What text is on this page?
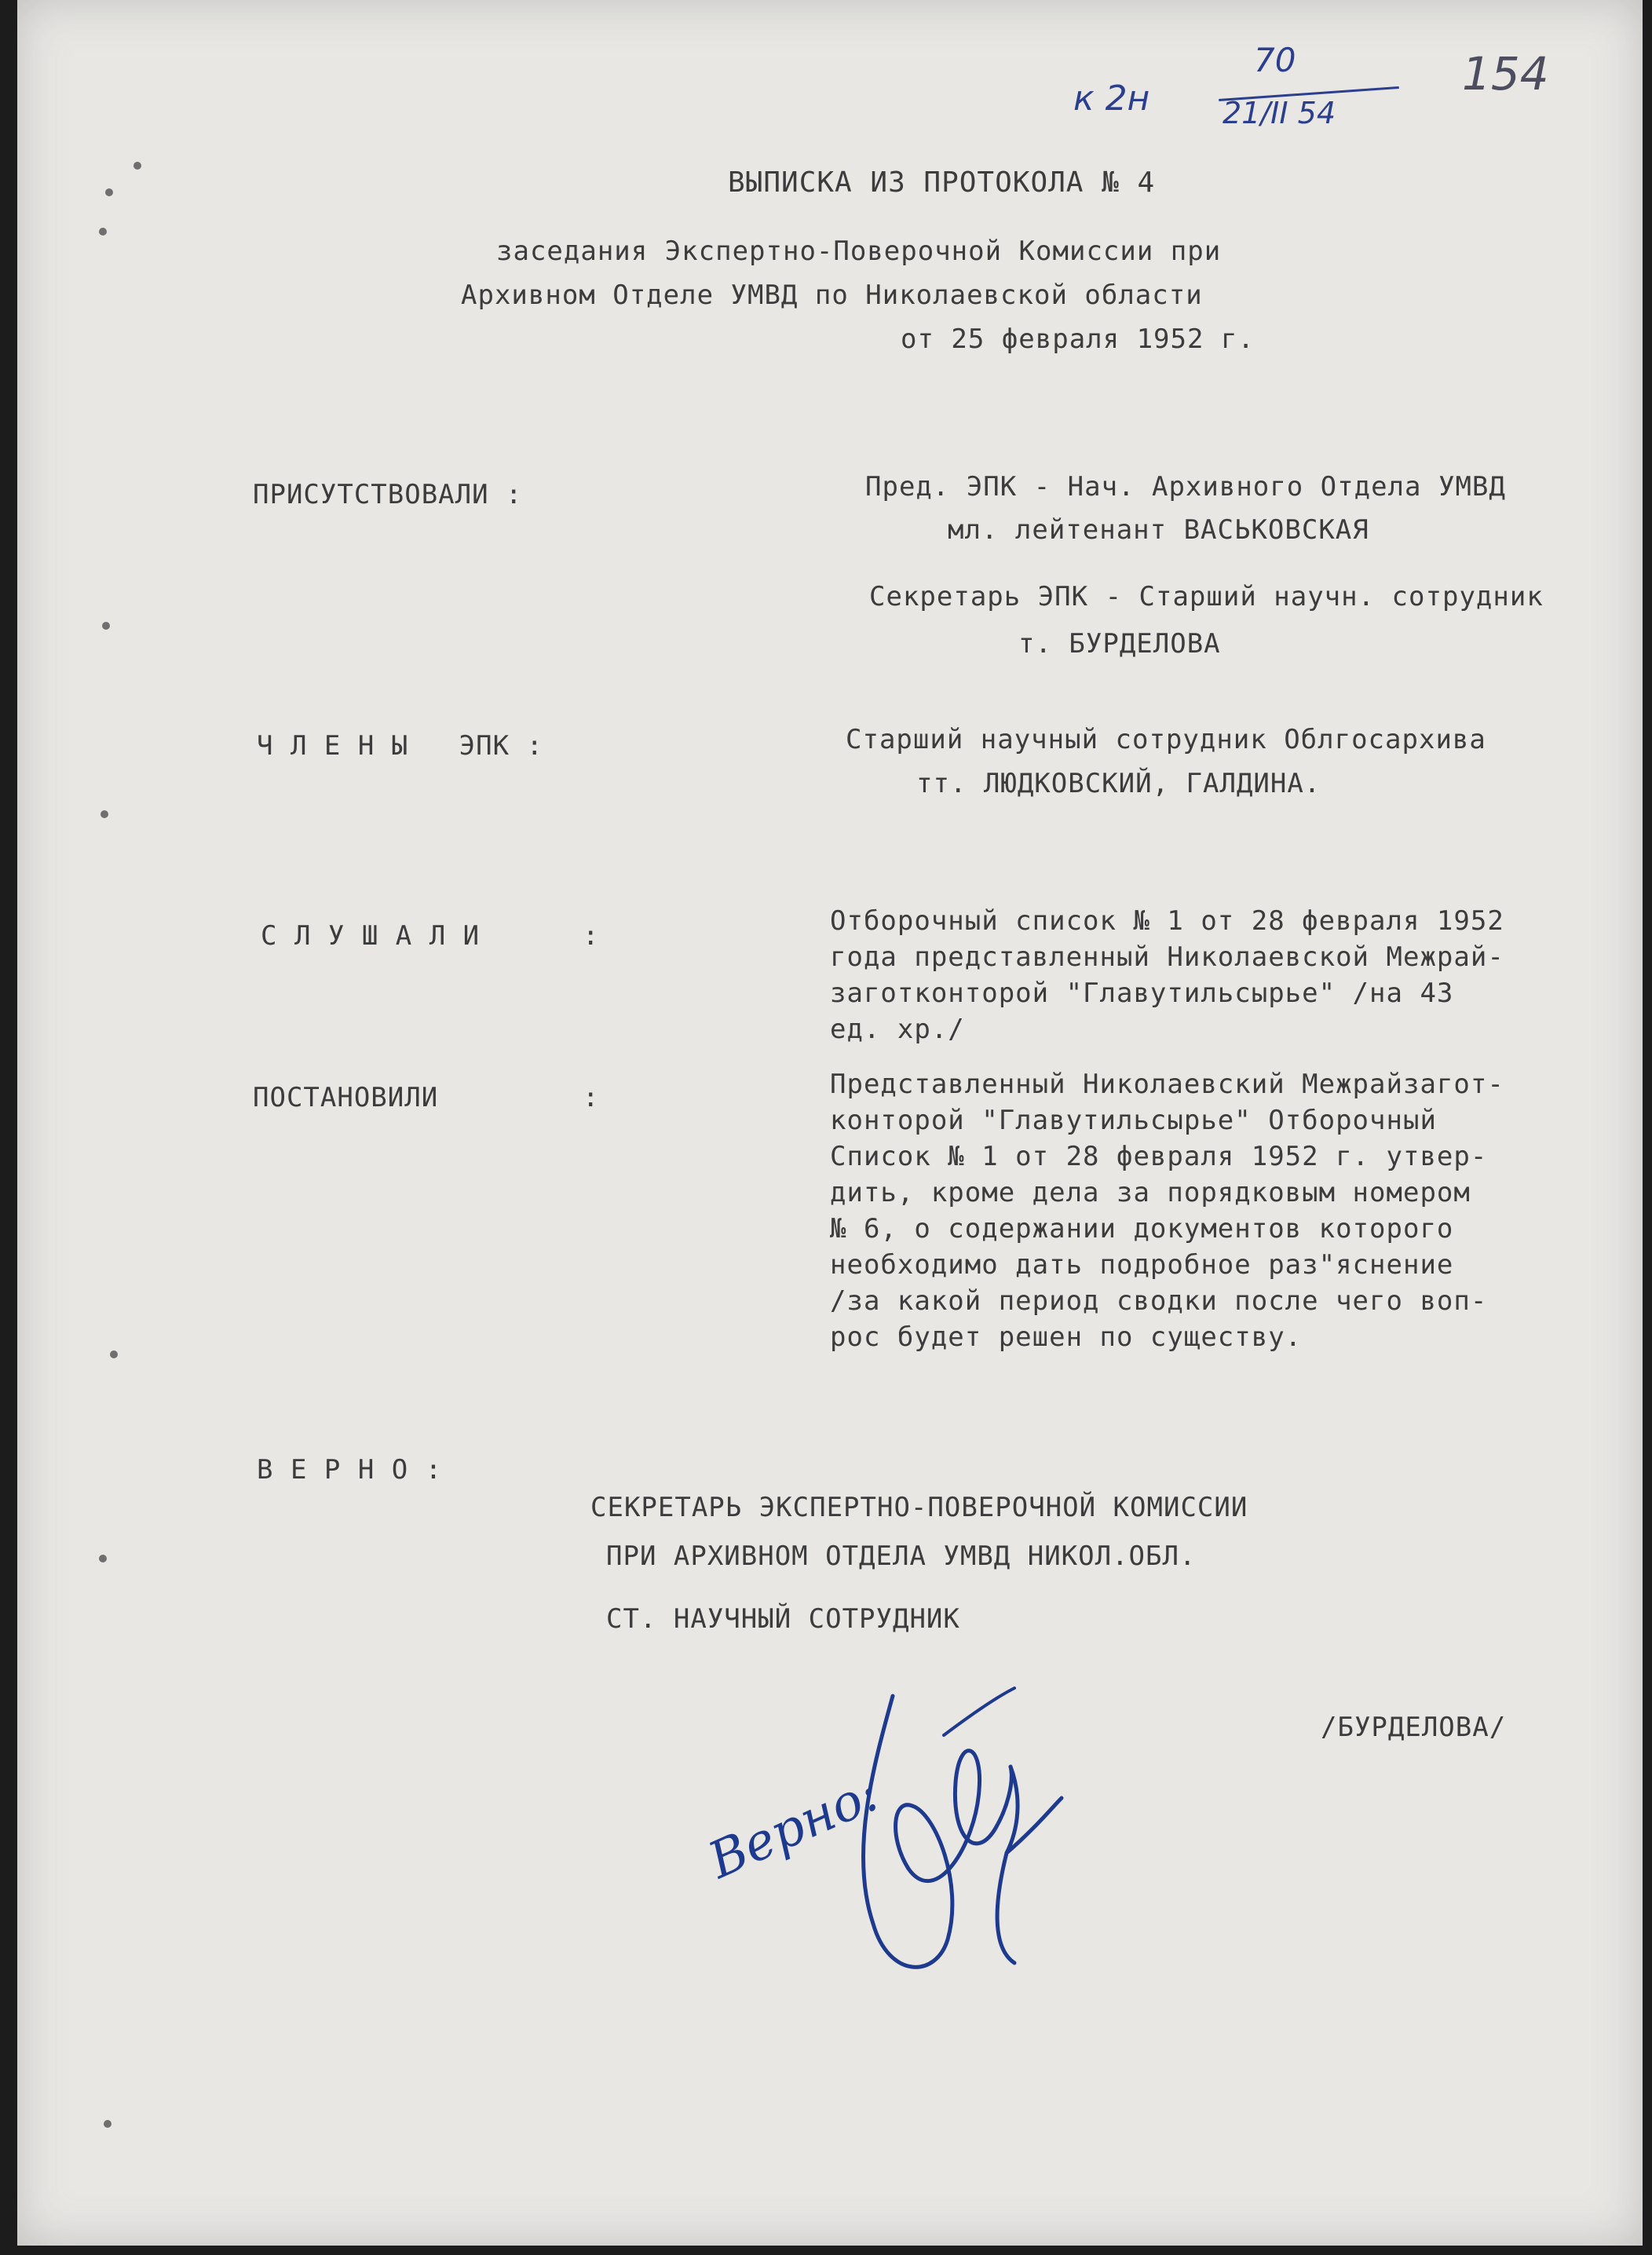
к 2н
70
21/II 54
154
ВЫПИСКА ИЗ ПРОТОКОЛА № 4
заседания Экспертно-Поверочной Комиссии при
Архивном Отделе УМВД по Николаевской области
от 25 февраля 1952 г.
ПРИСУТСТВОВАЛИ :	Пред. ЭПК - Нач. Архивного Отдела УМВД
мл. лейтенант ВАСЬКОВСКАЯ
Секретарь ЭПК - Старший научн. сотрудник
т. БУРДЕЛОВА
Ч Л Е Н Ы   ЭПК :	Старший научный сотрудник Облгосархива
тт. ЛЮДКОВСКИЙ, ГАЛДИНА.
С Л У Ш А Л И	:	Отборочный список № 1 от 28 февраля 1952
года представленный Николаевской Межрай-
заготконторой "Главутильсырье" /на 43
ед. хр./
ПОСТАНОВИЛИ	:	Представленный Николаевский Межрайзагот-
конторой "Главутильсырье" Отборочный
Список № 1 от 28 февраля 1952 г. утвер-
дить, кроме дела за порядковым номером
№ 6, о содержании документов которого
необходимо дать подробное раз"яснение
/за какой период сводки после чего воп-
рос будет решен по существу.
В Е Р Н О :
СЕКРЕТАРЬ ЭКСПЕРТНО-ПОВЕРОЧНОЙ КОМИССИИ
ПРИ АРХИВНОМ ОТДЕЛА УМВД НИКОЛ.ОБЛ.
СТ. НАУЧНЫЙ СОТРУДНИК
/БУРДЕЛОВА/
Верно:
